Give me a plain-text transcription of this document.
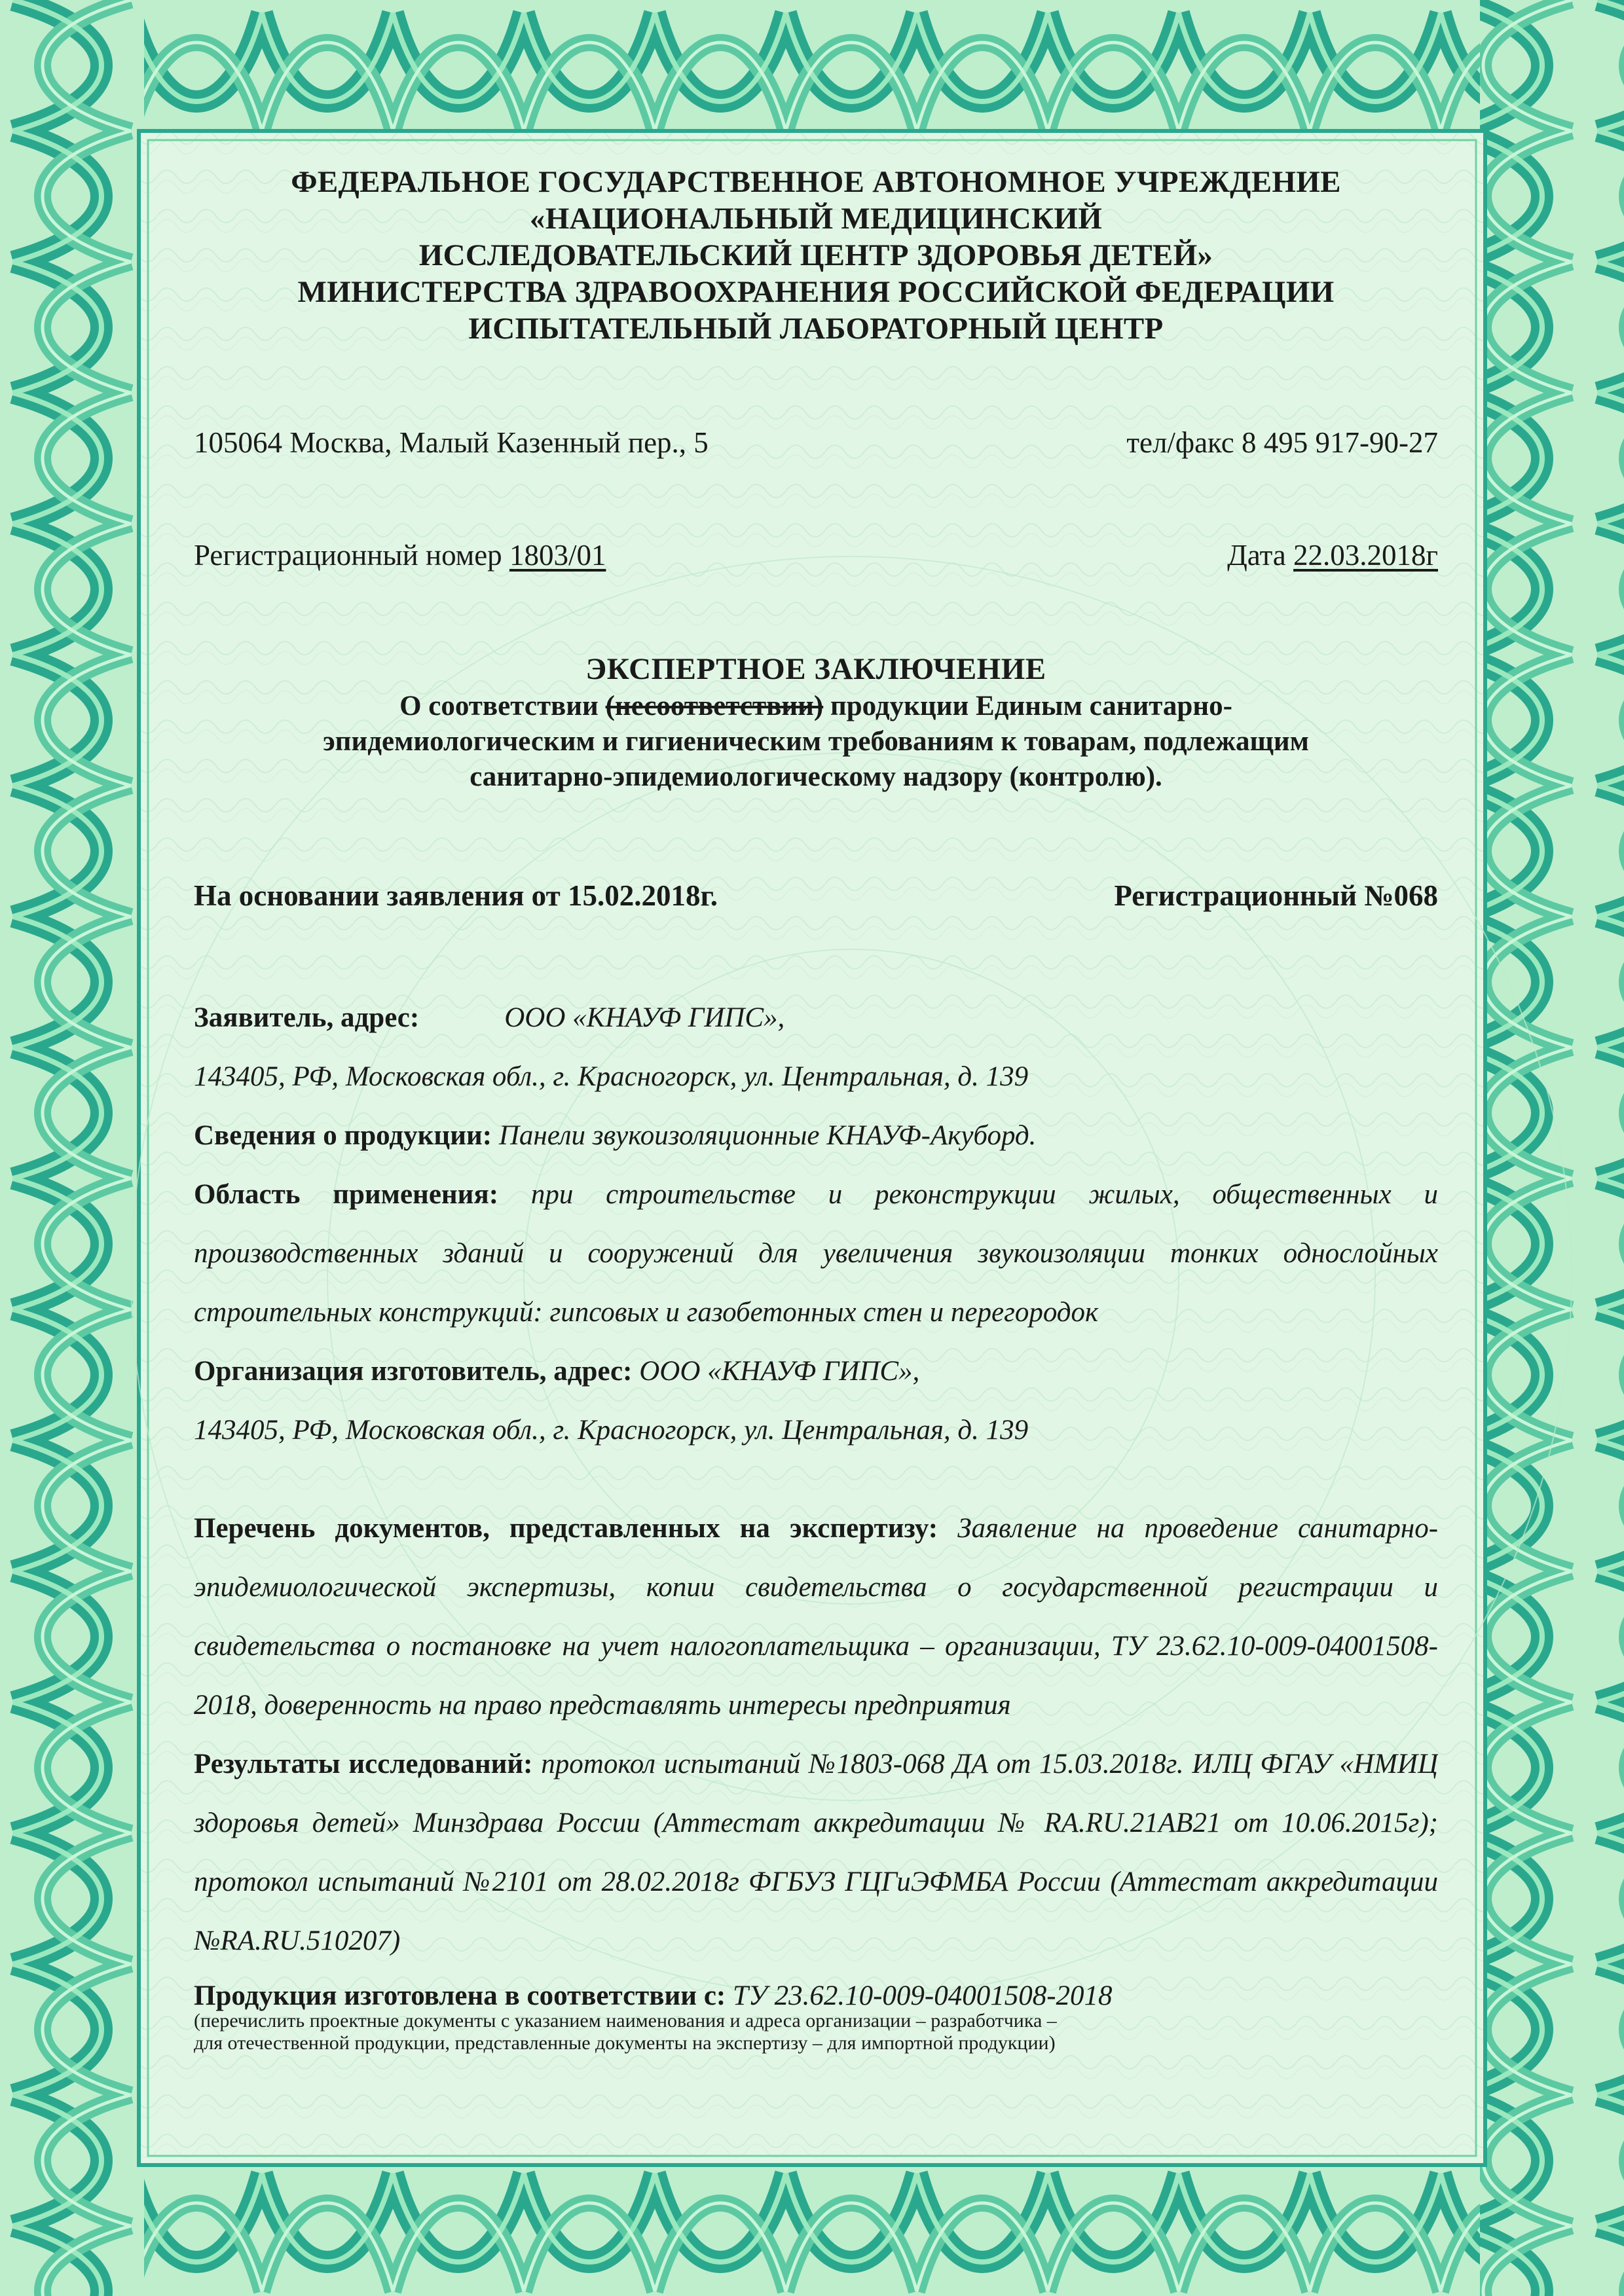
ФЕДЕРАЛЬНОЕ ГОСУДАРСТВЕННОЕ АВТОНОМНОЕ УЧРЕЖДЕНИЕ
«НАЦИОНАЛЬНЫЙ МЕДИЦИНСКИЙ
ИССЛЕДОВАТЕЛЬСКИЙ ЦЕНТР ЗДОРОВЬЯ ДЕТЕЙ»
МИНИСТЕРСТВА ЗДРАВООХРАНЕНИЯ РОССИЙСКОЙ ФЕДЕРАЦИИ
ИСПЫТАТЕЛЬНЫЙ ЛАБОРАТОРНЫЙ ЦЕНТР
105064 Москва, Малый Казенный пер., 5	тел/факс 8 495 917-90-27
Регистрационный номер 1803/01	Дата 22.03.2018г
ЭКСПЕРТНОЕ ЗАКЛЮЧЕНИЕ
О соответствии (несоответствии) продукции Единым санитарно-
эпидемиологическим и гигиеническим требованиям к товарам, подлежащим
санитарно-эпидемиологическому надзору (контролю).
На основании заявления от 15.02.2018г.	Регистрационный №068
Заявитель, адрес:	ООО «КНАУФ ГИПС»,
143405, РФ, Московская обл., г. Красногорск, ул. Центральная, д. 139
Сведения о продукции: Панели звукоизоляционные КНАУФ-Акуборд.
Область применения: при строительстве и реконструкции жилых, общественных и производственных зданий и сооружений для увеличения звукоизоляции тонких однослойных строительных конструкций: гипсовых и газобетонных стен и перегородок
Организация изготовитель, адрес: ООО «КНАУФ ГИПС»,
143405, РФ, Московская обл., г. Красногорск, ул. Центральная, д. 139
Перечень документов, представленных на экспертизу: Заявление на проведение санитарно-эпидемиологической экспертизы, копии свидетельства о государственной регистрации и свидетельства о постановке на учет налогоплательщика – организации, ТУ 23.62.10-009-04001508-2018, доверенность на право представлять интересы предприятия
Результаты исследований: протокол испытаний №1803-068 ДА от 15.03.2018г. ИЛЦ ФГАУ «НМИЦ здоровья детей» Минздрава России (Аттестат аккредитации № RA.RU.21АВ21 от 10.06.2015г); протокол испытаний №2101 от 28.02.2018г ФГБУЗ ГЦГиЭФМБА России (Аттестат аккредитации №RA.RU.510207)
Продукция изготовлена в соответствии с: ТУ 23.62.10-009-04001508-2018
(перечислить проектные документы с указанием наименования и адреса организации – разработчика –
для отечественной продукции, представленные документы на экспертизу – для импортной продукции)
